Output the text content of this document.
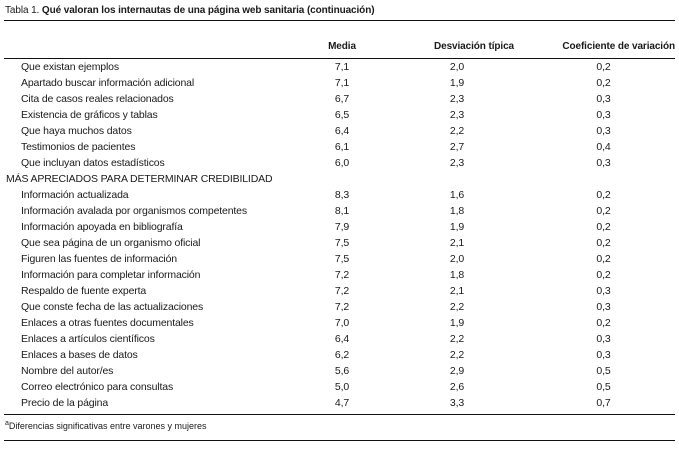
Tabla 1. Qué valoran los internautas de una página web sanitaria (continuación)
	Media	Desviación típica	Coeficiente de variación
Que existan ejemplos	7,1	2,0	0,2
Apartado buscar información adicional	7,1	1,9	0,2
Cita de casos reales relacionados	6,7	2,3	0,3
Existencia de gráficos y tablas	6,5	2,3	0,3
Que haya muchos datos	6,4	2,2	0,3
Testimonios de pacientes	6,1	2,7	0,4
Que incluyan datos estadísticos	6,0	2,3	0,3
MÁS APRECIADOS PARA DETERMINAR CREDIBILIDAD			
Información actualizada	8,3	1,6	0,2
Información avalada por organismos competentes	8,1	1,8	0,2
Información apoyada en bibliografía	7,9	1,9	0,2
Que sea página de un organismo oficial	7,5	2,1	0,2
Figuren las fuentes de información	7,5	2,0	0,2
Información para completar información	7,2	1,8	0,2
Respaldo de fuente experta	7,2	2,1	0,3
Que conste fecha de las actualizaciones	7,2	2,2	0,3
Enlaces a otras fuentes documentales	7,0	1,9	0,2
Enlaces a artículos científicos	6,4	2,2	0,3
Enlaces a bases de datos	6,2	2,2	0,3
Nombre del autor/es	5,6	2,9	0,5
Correo electrónico para consultas	5,0	2,6	0,5
Precio de la página	4,7	3,3	0,7
$^a$Diferencias significativas entre varones y mujeres
